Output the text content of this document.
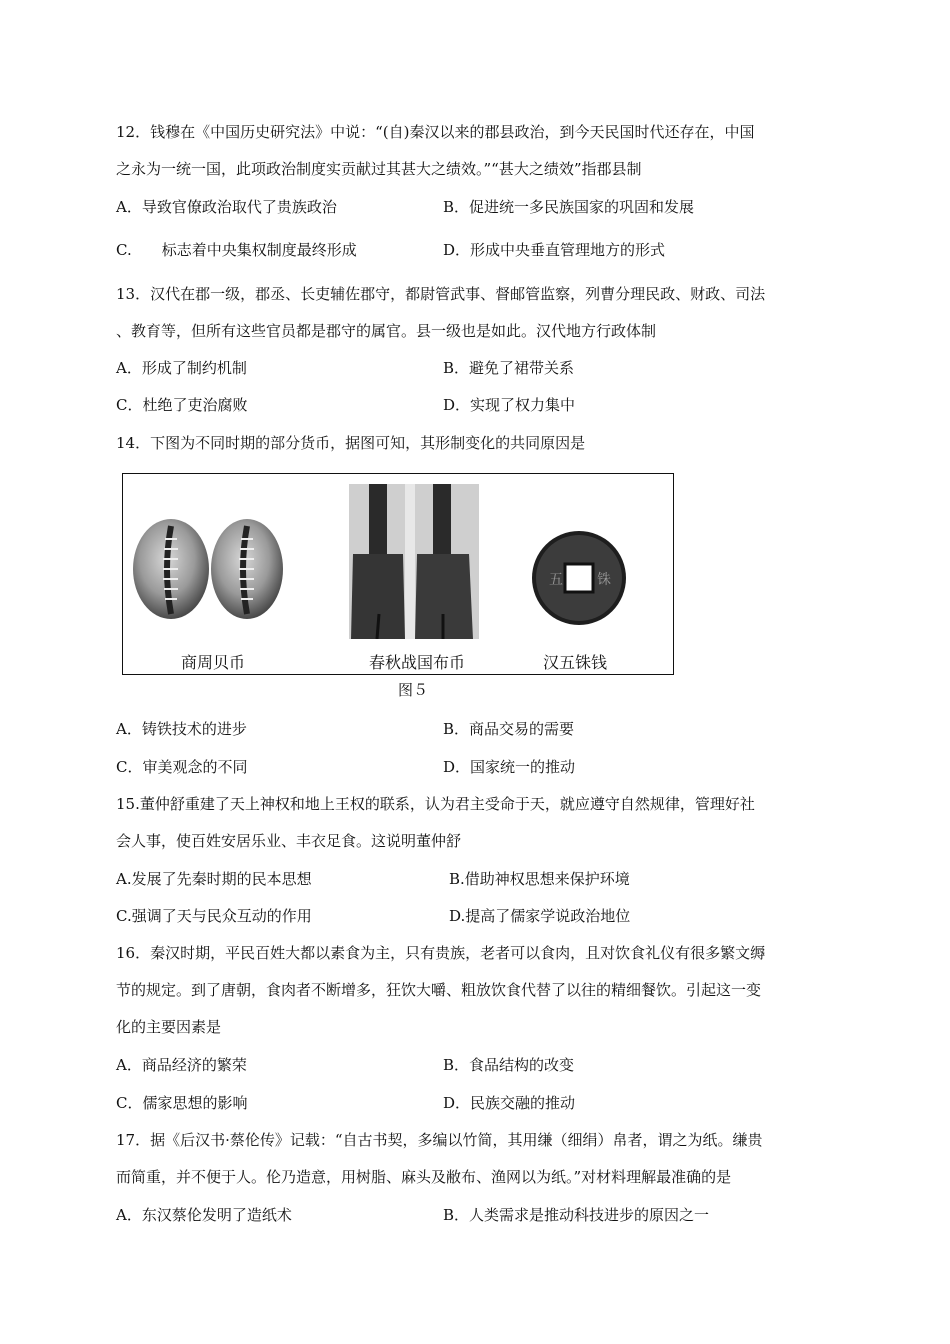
12．钱穆在《中国历史研究法》中说：“(自)秦汉以来的郡县政治，到今天民国时代还存在，中国
之永为一统一国，此项政治制度实贡献过其甚大之绩效。”“甚大之绩效”指郡县制
A．导致官僚政治取代了贵族政治	B．促进统一多民族国家的巩固和发展
C.　　标志着中央集权制度最终形成	D．形成中央垂直管理地方的形式
13．汉代在郡一级，郡丞、长吏辅佐郡守，都尉管武事、督邮管监察，列曹分理民政、财政、司法
、教育等，但所有这些官员都是郡守的属官。县一级也是如此。汉代地方行政体制
A．形成了制约机制	B．避免了裙带关系
C．杜绝了吏治腐败	D．实现了权力集中
14．下图为不同时期的部分货币，据图可知，其形制变化的共同原因是
五 铢
商周贝币	春秋战国布币	汉五铢钱
图５
A．铸铁技术的进步	B．商品交易的需要
C．审美观念的不同	D．国家统一的推动
15.董仲舒重建了天上神权和地上王权的联系，认为君主受命于天，就应遵守自然规律，管理好社
会人事，使百姓安居乐业、丰衣足食。这说明董仲舒
A.发展了先秦时期的民本思想	B.借助神权思想来保护环境
C.强调了天与民众互动的作用	D.提高了儒家学说政治地位
16．秦汉时期，平民百姓大都以素食为主，只有贵族，老者可以食肉，且对饮食礼仪有很多繁文缛
节的规定。到了唐朝，食肉者不断增多，狂饮大嚼、粗放饮食代替了以往的精细餐饮。引起这一变
化的主要因素是
A．商品经济的繁荣	B．食品结构的改变
C．儒家思想的影响	D．民族交融的推动
17．据《后汉书·蔡伦传》记载：“自古书契，多编以竹简，其用缣（细绢）帛者，谓之为纸。缣贵
而简重，并不便于人。伦乃造意，用树脂、麻头及敝布、渔网以为纸。”对材料理解最准确的是
A．东汉蔡伦发明了造纸术	B．人类需求是推动科技进步的原因之一
